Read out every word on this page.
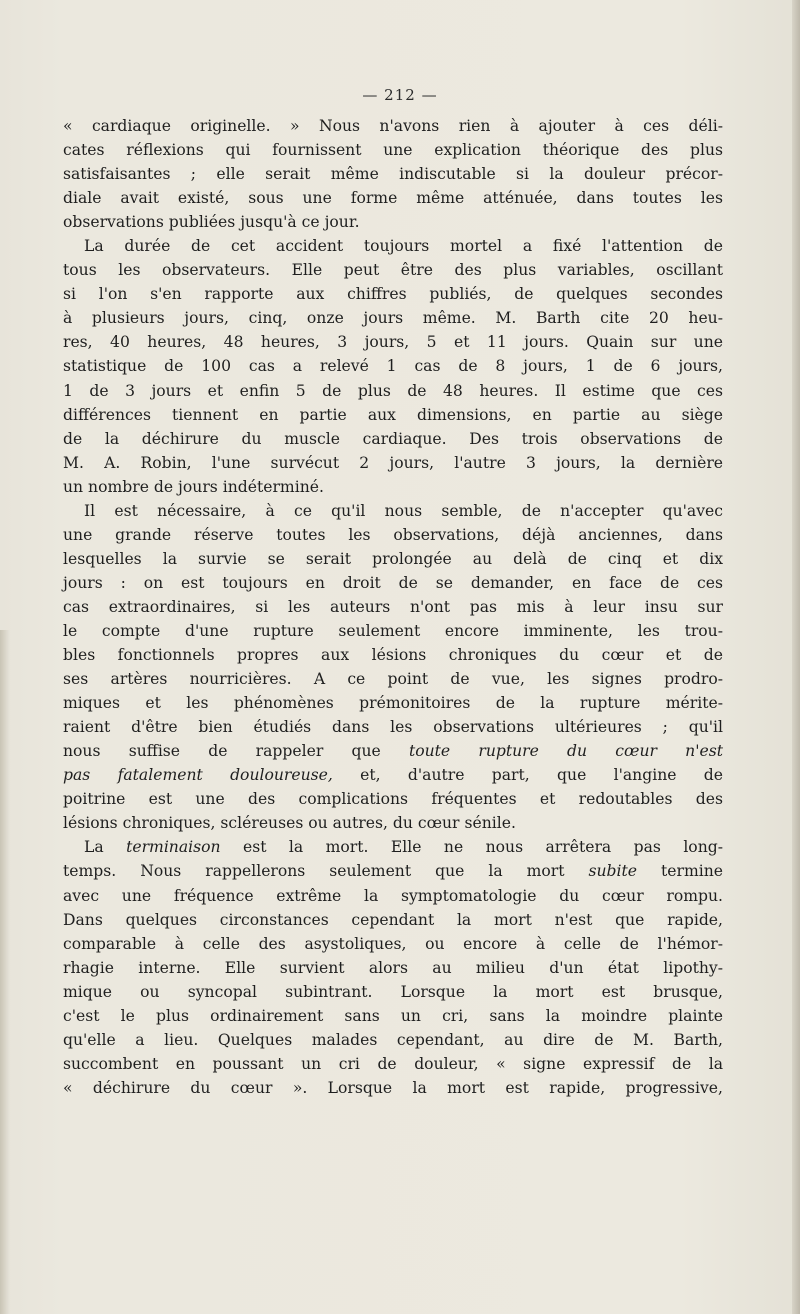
— 212 —
« cardiaque originelle. » Nous n'avons rien à ajouter à ces déli-
cates réflexions qui fournissent une explication théorique des plus
satisfaisantes ; elle serait même indiscutable si la douleur précor-
diale avait existé, sous une forme même atténuée, dans toutes les
observations publiées jusqu'à ce jour.
La durée de cet accident toujours mortel a fixé l'attention de
tous les observateurs. Elle peut être des plus variables, oscillant
si l'on s'en rapporte aux chiffres publiés, de quelques secondes
à plusieurs jours, cinq, onze jours même. M. Barth cite 20 heu-
res, 40 heures, 48 heures, 3 jours, 5 et 11 jours. Quain sur une
statistique de 100 cas a relevé 1 cas de 8 jours, 1 de 6 jours,
1 de 3 jours et enfin 5 de plus de 48 heures. Il estime que ces
différences tiennent en partie aux dimensions, en partie au siège
de la déchirure du muscle cardiaque. Des trois observations de
M. A. Robin, l'une survécut 2 jours, l'autre 3 jours, la dernière
un nombre de jours indéterminé.
Il est nécessaire, à ce qu'il nous semble, de n'accepter qu'avec
une grande réserve toutes les observations, déjà anciennes, dans
lesquelles la survie se serait prolongée au delà de cinq et dix
jours : on est toujours en droit de se demander, en face de ces
cas extraordinaires, si les auteurs n'ont pas mis à leur insu sur
le compte d'une rupture seulement encore imminente, les trou-
bles fonctionnels propres aux lésions chroniques du cœur et de
ses artères nourricières. A ce point de vue, les signes prodro-
miques et les phénomènes prémonitoires de la rupture mérite-
raient d'être bien étudiés dans les observations ultérieures ; qu'il
nous suffise de rappeler que toute rupture du cœur n'est
pas fatalement douloureuse, et, d'autre part, que l'angine de
poitrine est une des complications fréquentes et redoutables des
lésions chroniques, scléreuses ou autres, du cœur sénile.
La terminaison est la mort. Elle ne nous arrêtera pas long-
temps. Nous rappellerons seulement que la mort subite termine
avec une fréquence extrême la symptomatologie du cœur rompu.
Dans quelques circonstances cependant la mort n'est que rapide,
comparable à celle des asystoliques, ou encore à celle de l'hémor-
rhagie interne. Elle survient alors au milieu d'un état lipothy-
mique ou syncopal subintrant. Lorsque la mort est brusque,
c'est le plus ordinairement sans un cri, sans la moindre plainte
qu'elle a lieu. Quelques malades cependant, au dire de M. Barth,
succombent en poussant un cri de douleur, « signe expressif de la
« déchirure du cœur ». Lorsque la mort est rapide, progressive,
